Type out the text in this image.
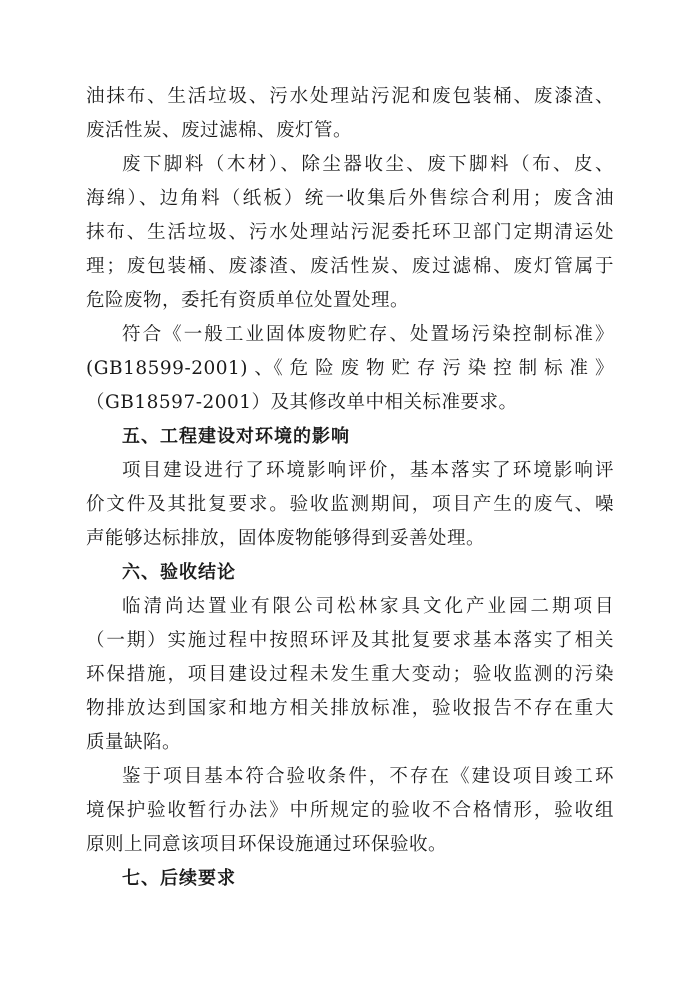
油抹布、生活垃圾、污水处理站污泥和废包装桶、废漆渣、
废活性炭、废过滤棉、废灯管。
废下脚料（木材）、除尘器收尘、废下脚料（布、皮、
海绵）、边角料（纸板）统一收集后外售综合利用；废含油
抹布、生活垃圾、污水处理站污泥委托环卫部门定期清运处
理；废包装桶、废漆渣、废活性炭、废过滤棉、废灯管属于
危险废物，委托有资质单位处置处理。
符合《一般工业固体废物贮存、处置场污染控制标准》
(GB18599-2001) 、《 危 险 废 物 贮 存 污 染 控 制 标 准 》
（GB18597-2001）及其修改单中相关标准要求。
五、工程建设对环境的影响
项目建设进行了环境影响评价，基本落实了环境影响评
价文件及其批复要求。验收监测期间，项目产生的废气、噪
声能够达标排放，固体废物能够得到妥善处理。
六、验收结论
临清尚达置业有限公司松林家具文化产业园二期项目
（一期）实施过程中按照环评及其批复要求基本落实了相关
环保措施，项目建设过程未发生重大变动；验收监测的污染
物排放达到国家和地方相关排放标准，验收报告不存在重大
质量缺陷。
鉴于项目基本符合验收条件，不存在《建设项目竣工环
境保护验收暂行办法》中所规定的验收不合格情形，验收组
原则上同意该项目环保设施通过环保验收。
七、后续要求
